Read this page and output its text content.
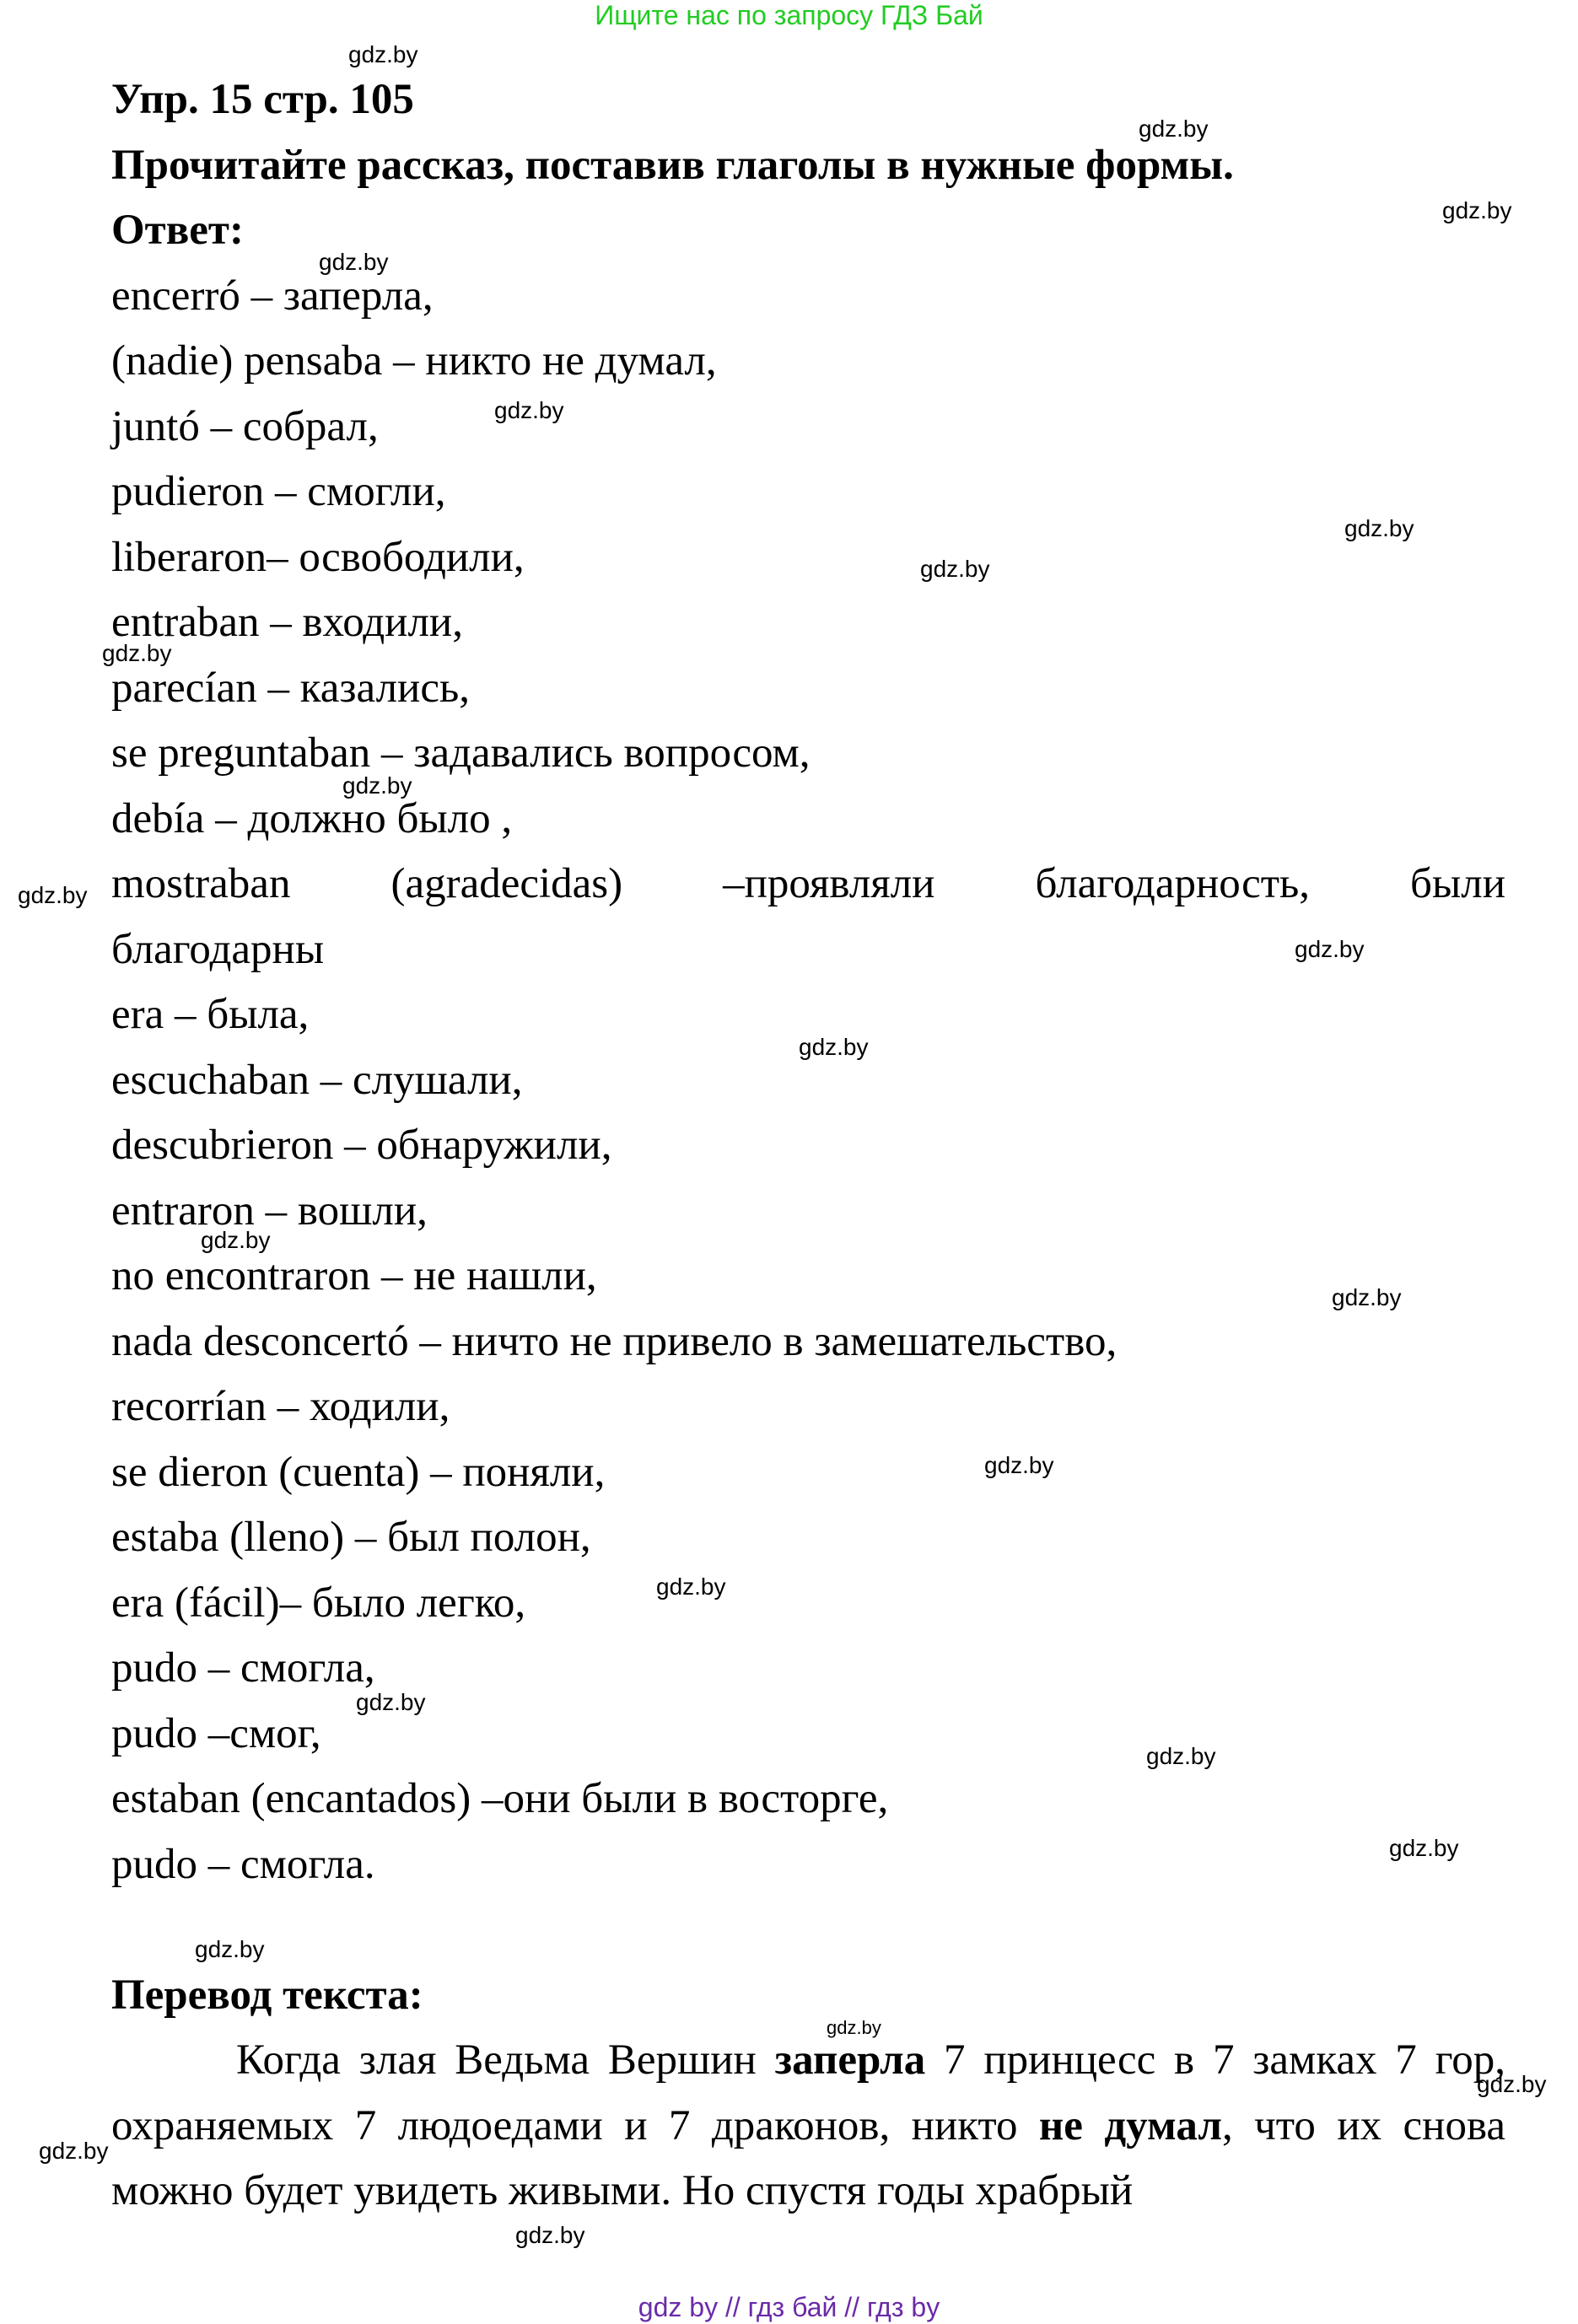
Ищите нас по запросу ГДЗ Бай
Упр. 15 стр. 105
Прочитайте рассказ, поставив глаголы в нужные формы.
Ответ:
encerró – заперла,
(nadie) pensaba – никто не думал,
juntó – собрал,
pudieron – смогли,
liberaron– освободили,
entraban – входили,
parecían – казались,
se preguntaban – задавались вопросом,
debía – должно было ,
mostraban (agradecidas) –проявляли благодарность, были
благодарны
era – была,
escuchaban – слушали,
descubrieron – обнаружили,
entraron – вошли,
no encontraron – не нашли,
nada desconcertó – ничто не привело в замешательство,
recorrían – ходили,
se dieron (cuenta) – поняли,
estaba (lleno) – был полон,
era (fácil)– было легко,
pudo – смогла,
pudo –смог,
estaban (encantados) –они были в восторге,
pudo – смогла.
Перевод текста:
Когда злая Ведьма Вершин заперла 7 принцесс в 7 замках 7 гор, охраняемых 7 людоедами и 7 драконов, никто не думал, что их снова можно будет увидеть живыми. Но спустя годы храбрый
gdz.by
gdz.by
gdz.by
gdz.by
gdz.by
gdz.by
gdz.by
gdz.by
gdz.by
gdz.by
gdz.by
gdz.by
gdz.by
gdz.by
gdz.by
gdz.by
gdz.by
gdz.by
gdz.by
gdz.by
gdz.by
gdz.by
gdz.by
gdz.by
gdz by // гдз бай // гдз by
